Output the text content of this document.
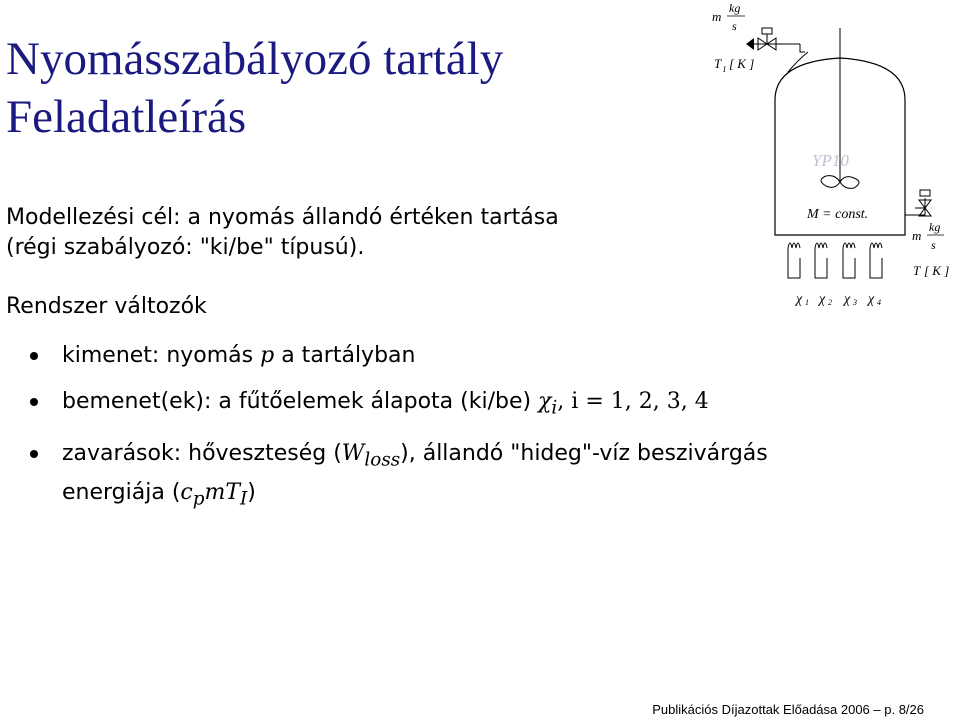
Nyomásszabályozó tartály
Feladatleírás

Modellezési cél: a nyomás állandó értéken tartása
(régi szabályozó: "ki/be" típusú).

Rendszer változók

kimenet: nyomás p a tartályban
bemenet(ek): a fűtőelemek álapota (ki/be) $\chi_i$, i = 1, 2, 3, 4
zavarások: hőveszteség $(W_{loss})$, állandó "hideg"-víz beszivárgás energiája $(c_pmT_I)$
m
kg
s
T I [ K ]
YP10
M = const.
χ 1 χ 2 χ 3 χ 4
m
kg
s
T [ K ]
Publikációs Díjazottak Előadása 2006 – p. 8/26
